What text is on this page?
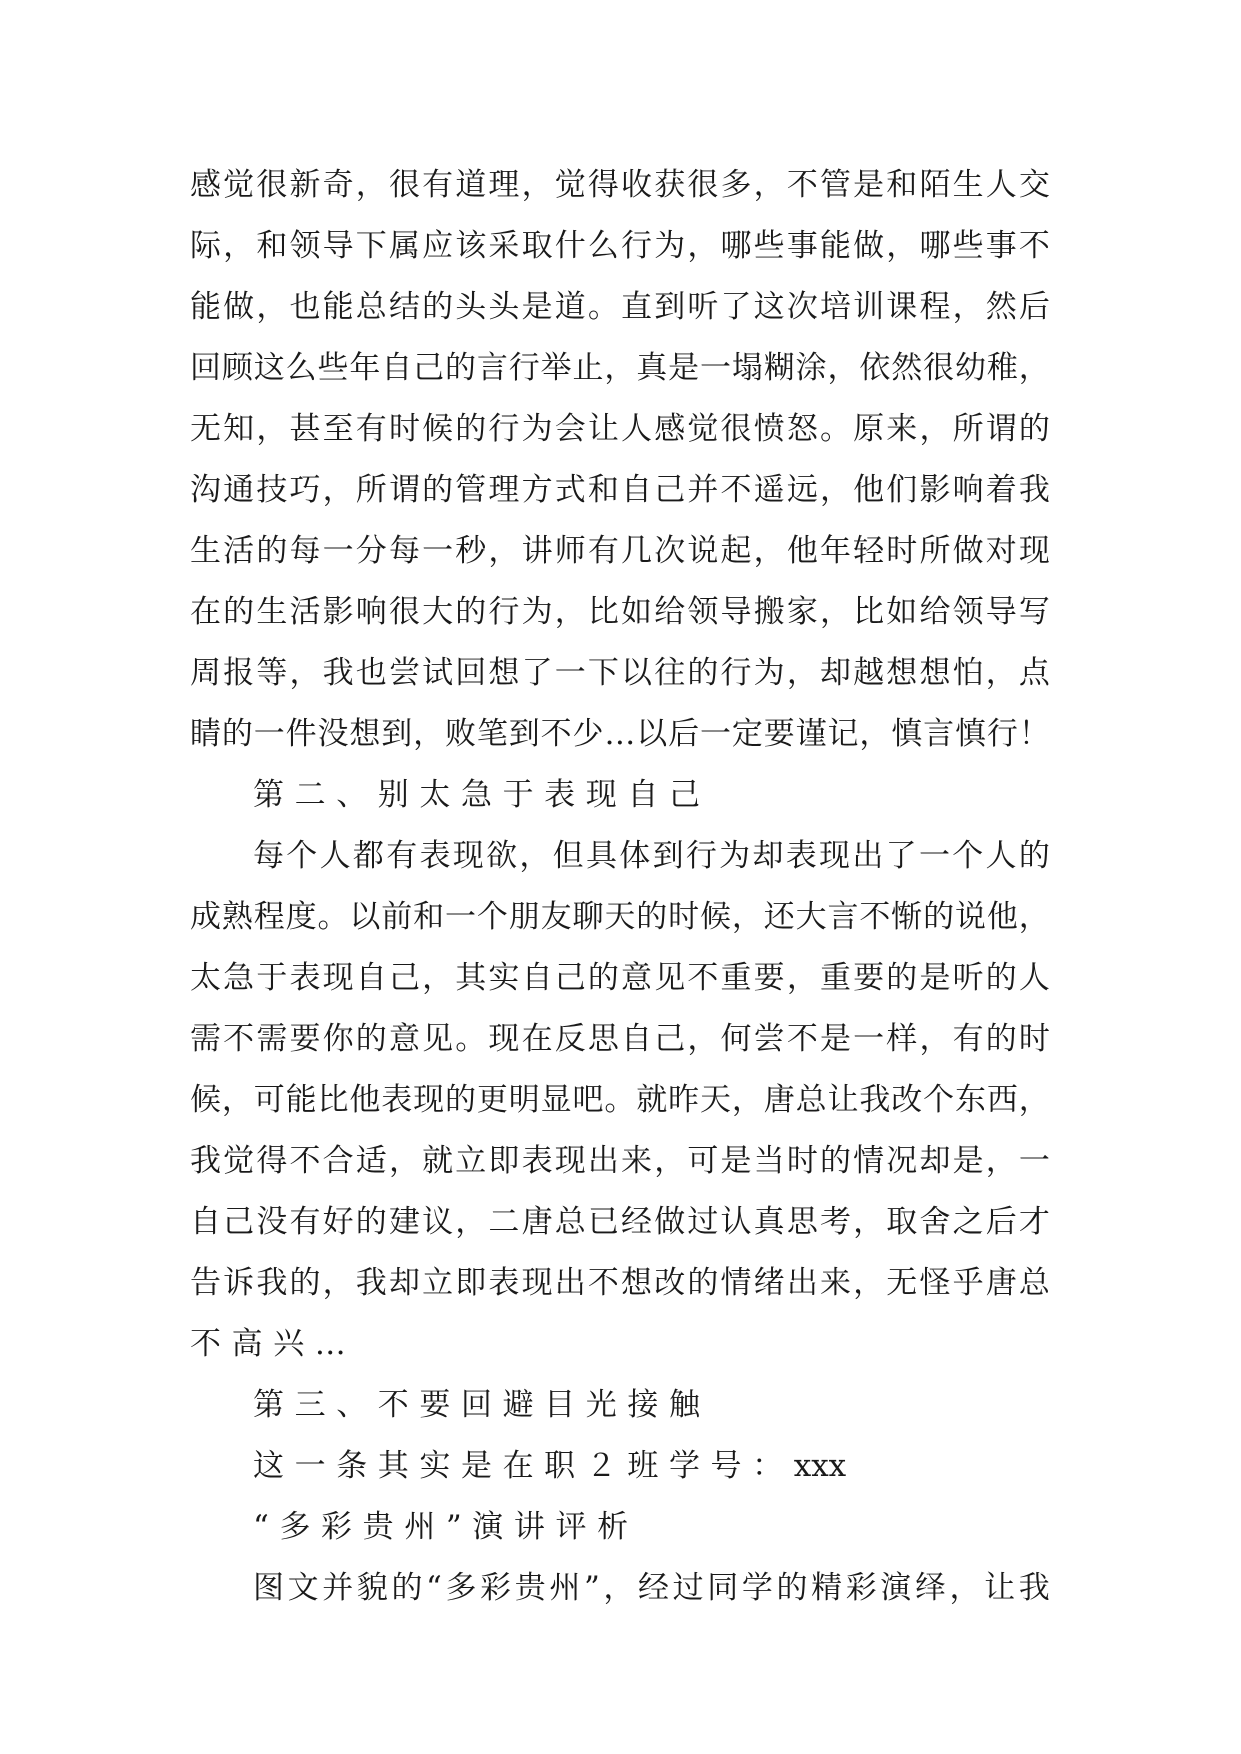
感 觉 很 新 奇 ， 很 有 道 理 ， 觉 得 收 获 很 多 ， 不 管 是 和 陌 生 人 交
际 ， 和 领 导 下 属 应 该 采 取 什 么 行 为 ， 哪 些 事 能 做 ， 哪 些 事 不
能 做 ， 也 能 总 结 的 头 头 是 道 。 直 到 听 了 这 次 培 训 课 程 ， 然 后
回 顾 这 么 些 年 自 己 的 言 行 举 止 ， 真 是 一 塌 糊 涂 ， 依 然 很 幼 稚 ，
无 知 ， 甚 至 有 时 候 的 行 为 会 让 人 感 觉 很 愤 怒 。 原 来 ， 所 谓 的
沟 通 技 巧 ， 所 谓 的 管 理 方 式 和 自 己 并 不 遥 远 ， 他 们 影 响 着 我
生 活 的 每 一 分 每 一 秒 ， 讲 师 有 几 次 说 起 ， 他 年 轻 时 所 做 对 现
在 的 生 活 影 响 很 大 的 行 为 ， 比 如 给 领 导 搬 家 ， 比 如 给 领 导 写
周 报 等 ， 我 也 尝 试 回 想 了 一 下 以 往 的 行 为 ， 却 越 想 想 怕 ， 点
睛 的 一 件 没 想 到 ， 败 笔 到 不 少 … 以 后 一 定 要 谨 记 ， 慎 言 慎 行 ！
第 二 、 别 太 急 于 表 现 自 己
每 个 人 都 有 表 现 欲 ， 但 具 体 到 行 为 却 表 现 出 了 一 个 人 的
成 熟 程 度 。 以 前 和 一 个 朋 友 聊 天 的 时 候 ， 还 大 言 不 惭 的 说 他 ，
太 急 于 表 现 自 己 ， 其 实 自 己 的 意 见 不 重 要 ， 重 要 的 是 听 的 人
需 不 需 要 你 的 意 见 。 现 在 反 思 自 己 ， 何 尝 不 是 一 样 ， 有 的 时
候 ， 可 能 比 他 表 现 的 更 明 显 吧 。 就 昨 天 ， 唐 总 让 我 改 个 东 西 ，
我 觉 得 不 合 适 ， 就 立 即 表 现 出 来 ， 可 是 当 时 的 情 况 却 是 ， 一
自 己 没 有 好 的 建 议 ， 二 唐 总 已 经 做 过 认 真 思 考 ， 取 舍 之 后 才
告 诉 我 的 ， 我 却 立 即 表 现 出 不 想 改 的 情 绪 出 来 ， 无 怪 乎 唐 总
不 高 兴 …
第 三 、 不 要 回 避 目 光 接 触
这 一 条 其 实 是 在 职 ２ 班 学 号 ： xxx
“ 多 彩 贵 州 ” 演 讲 评 析
图 文 并 貌 的 “ 多 彩 贵 州 ” ， 经 过 同 学 的 精 彩 演 绎 ， 让 我
